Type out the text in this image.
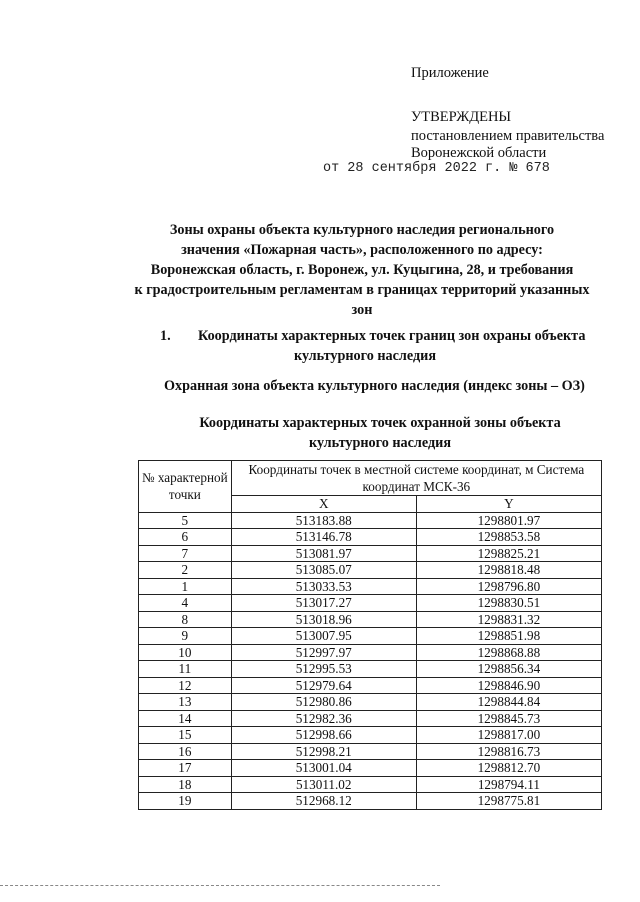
Приложение
УТВЕРЖДЕНЫ
постановлением правительства
Воронежской области
от 28 сентября 2022 г. № 678
Зоны охраны объекта культурного наследия регионального
значения «Пожарная часть», расположенного по адресу:
Воронежская область, г. Воронеж, ул. Куцыгина, 28, и требования
к градостроительным регламентам в границах территорий указанных
зон
1. Координаты характерных точек границ зон охраны объекта
культурного наследия
Охранная зона объекта культурного наследия (индекс зоны – ОЗ)
Координаты характерных точек охранной зоны объекта
культурного наследия
№ характерной точки	Координаты точек в местной системе координат, м Система координат МСК-36	
	X	Y
5	513183.88	1298801.97
6	513146.78	1298853.58
7	513081.97	1298825.21
2	513085.07	1298818.48
1	513033.53	1298796.80
4	513017.27	1298830.51
8	513018.96	1298831.32
9	513007.95	1298851.98
10	512997.97	1298868.88
11	512995.53	1298856.34
12	512979.64	1298846.90
13	512980.86	1298844.84
14	512982.36	1298845.73
15	512998.66	1298817.00
16	512998.21	1298816.73
17	513001.04	1298812.70
18	513011.02	1298794.11
19	512968.12	1298775.81
